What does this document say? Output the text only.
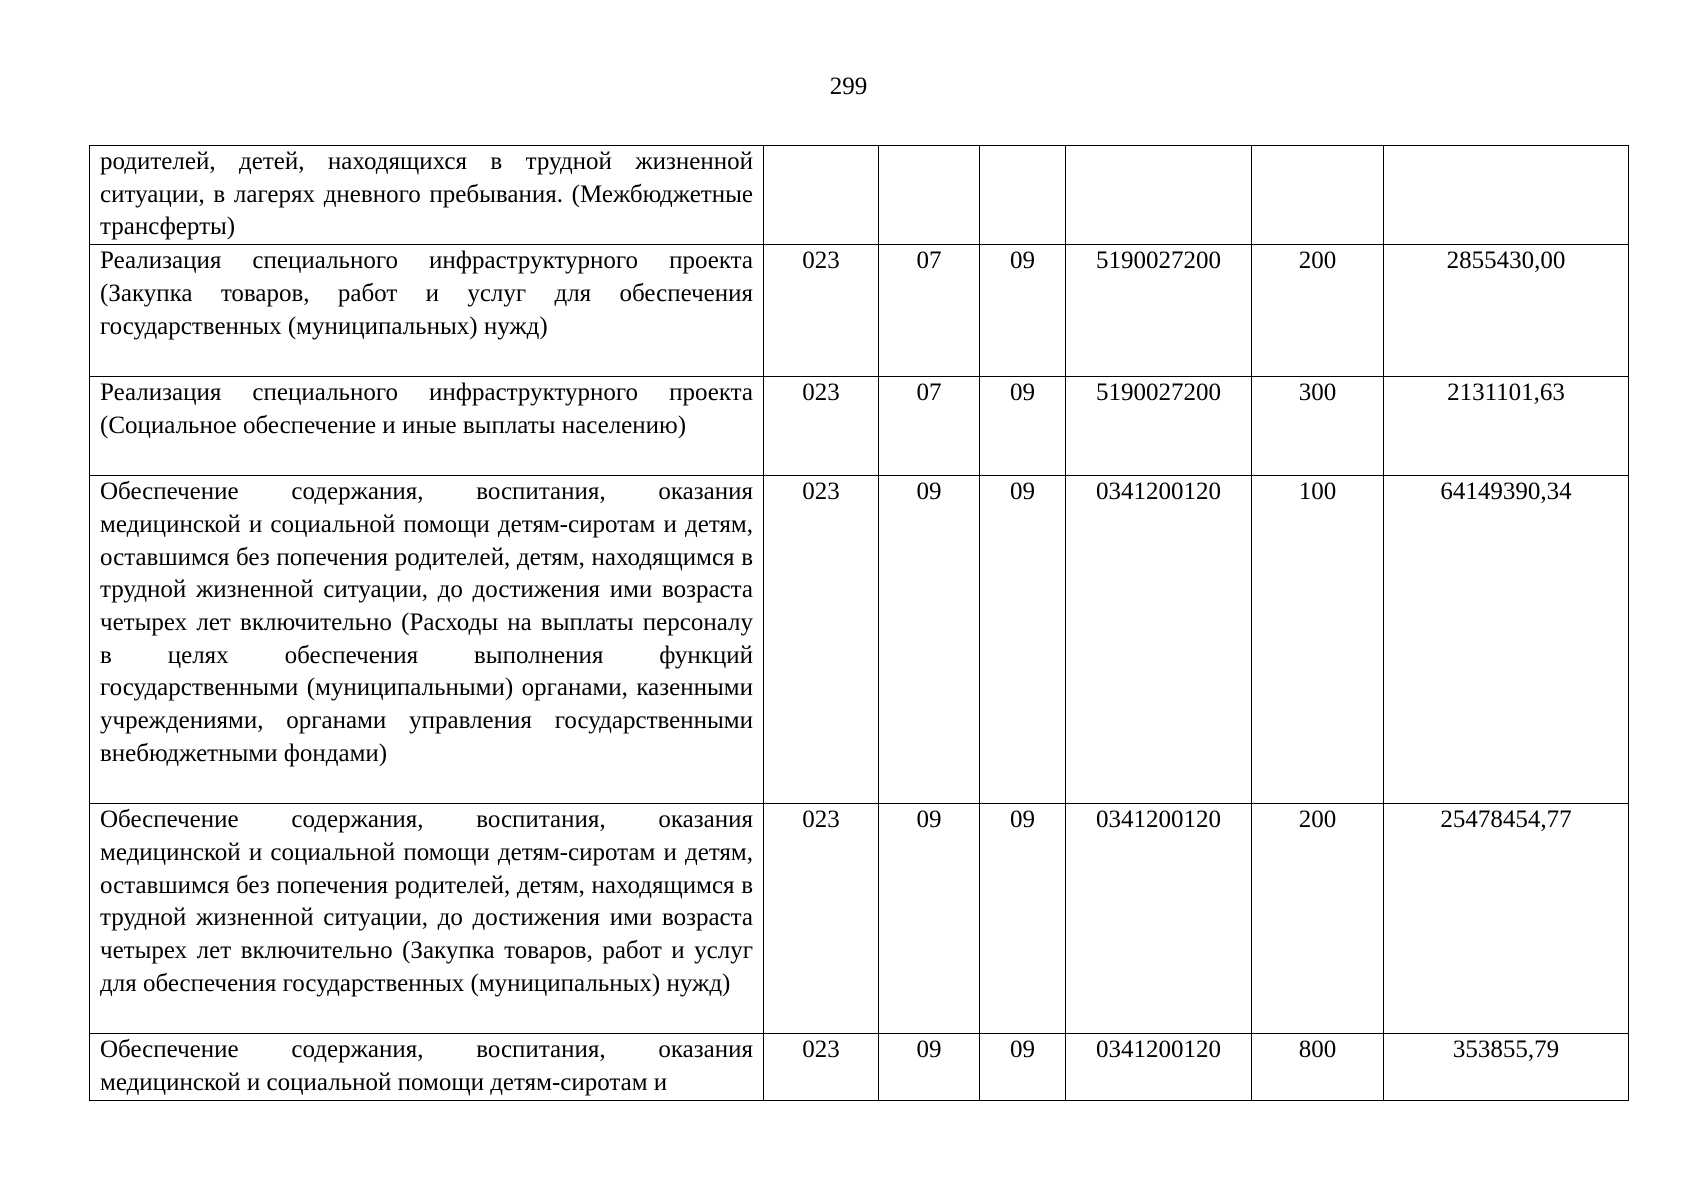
299
родителей, детей, находящихся в трудной жизненной ситуации, в лагерях дневного пребывания. (Межбюджетные трансферты)						
Реализация специального инфраструктурного проекта (Закупка товаров, работ и услуг для обеспечения государственных (муниципальных) нужд)	023	07	09	5190027200	200	2855430,00
Реализация специального инфраструктурного проекта (Социальное обеспечение и иные выплаты населению)	023	07	09	5190027200	300	2131101,63
Обеспечение содержания, воспитания, оказания медицинской и социальной помощи детям-сиротам и детям, оставшимся без попечения родителей, детям, находящимся в трудной жизненной ситуации, до достижения ими возраста четырех лет включительно (Расходы на выплаты персоналу в целях обеспечения выполнения функций государственными (муниципальными) органами, казенными учреждениями, органами управления государственными внебюджетными фондами)	023	09	09	0341200120	100	64149390,34
Обеспечение содержания, воспитания, оказания медицинской и социальной помощи детям-сиротам и детям, оставшимся без попечения родителей, детям, находящимся в трудной жизненной ситуации, до достижения ими возраста четырех лет включительно (Закупка товаров, работ и услуг для обеспечения государственных (муниципальных) нужд)	023	09	09	0341200120	200	25478454,77
Обеспечение содержания, воспитания, оказания медицинской и социальной помощи детям-сиротам и	023	09	09	0341200120	800	353855,79
